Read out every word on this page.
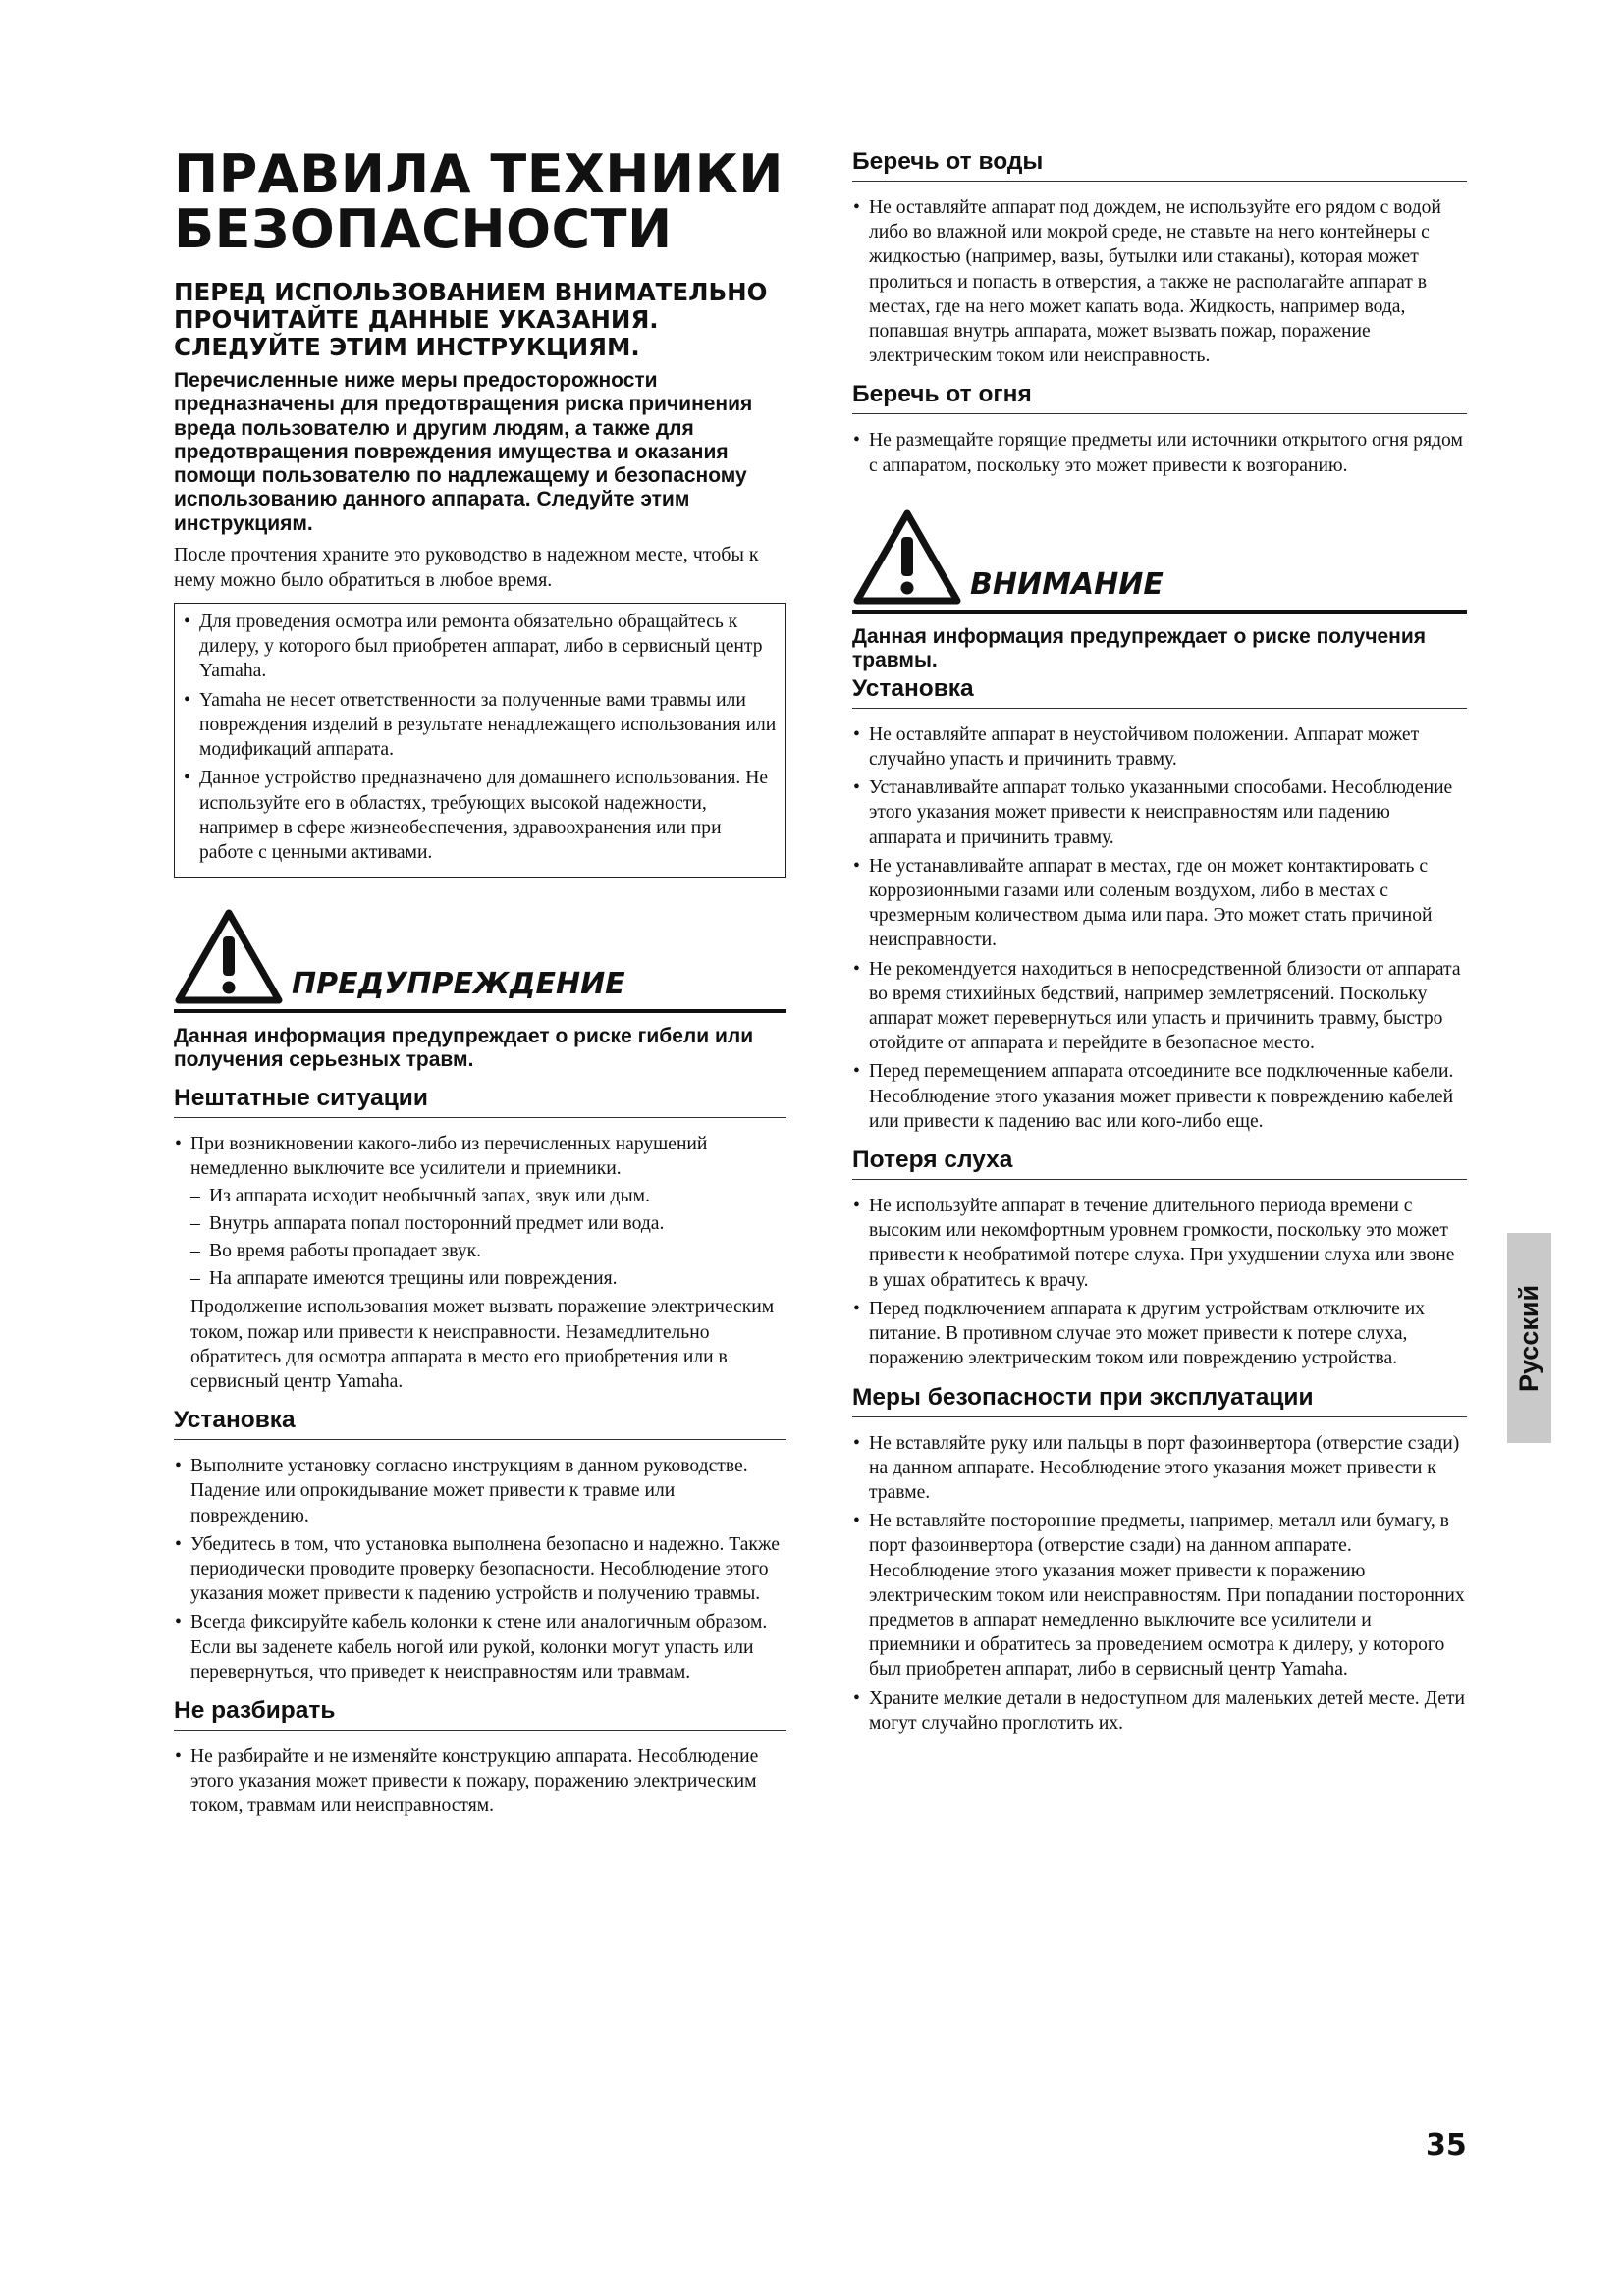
ПРАВИЛА ТЕХНИКИ
БЕЗОПАСНОСТИ
ПЕРЕД ИСПОЛЬЗОВАНИЕМ ВНИМАТЕЛЬНО
ПРОЧИТАЙТЕ ДАННЫЕ УКАЗАНИЯ.
СЛЕДУЙТЕ ЭТИМ ИНСТРУКЦИЯМ.

Перечисленные ниже меры предосторожности предназначены для предотвращения риска причинения вреда пользователю и другим людям, а также для предотвращения повреждения имущества и оказания помощи пользователю по надлежащему и безопасному использованию данного аппарата. Следуйте этим инструкциям.

После прочтения храните это руководство в надежном месте, чтобы к нему можно было обратиться в любое время.

• Для проведения осмотра или ремонта обязательно обращайтесь к дилеру, у которого был приобретен аппарат, либо в сервисный центр Yamaha.
• Yamaha не несет ответственности за полученные вами травмы или повреждения изделий в результате ненадлежащего использования или модификаций аппарата.
• Данное устройство предназначено для домашнего использования. Не используйте его в областях, требующих высокой надежности, например в сфере жизнеобеспечения, здравоохранения или при работе с ценными активами.
ПРЕДУПРЕЖДЕНИЕ

Данная информация предупреждает о риске гибели или получения серьезных травм.

Нештатные ситуации
• При возникновении какого-либо из перечисленных нарушений немедленно выключите все усилители и приемники.
– Из аппарата исходит необычный запах, звук или дым.
– Внутрь аппарата попал посторонний предмет или вода.
– Во время работы пропадает звук.
– На аппарате имеются трещины или повреждения.

Продолжение использования может вызвать поражение электрическим током, пожар или привести к неисправности. Незамедлительно обратитесь для осмотра аппарата в место его приобретения или в сервисный центр Yamaha.

Установка
• Выполните установку согласно инструкциям в данном руководстве. Падение или опрокидывание может привести к травме или повреждению.
• Убедитесь в том, что установка выполнена безопасно и надежно. Также периодически проводите проверку безопасности. Несоблюдение этого указания может привести к падению устройств и получению травмы.
• Всегда фиксируйте кабель колонки к стене или аналогичным образом. Если вы заденете кабель ногой или рукой, колонки могут упасть или перевернуться, что приведет к неисправностям или травмам.
Не разбирать
• Не разбирайте и не изменяйте конструкцию аппарата. Несоблюдение этого указания может привести к пожару, поражению электрическим током, травмам или неисправностям.
Беречь от воды
• Не оставляйте аппарат под дождем, не используйте его рядом с водой либо во влажной или мокрой среде, не ставьте на него контейнеры с жидкостью (например, вазы, бутылки или стаканы), которая может пролиться и попасть в отверстия, а также не располагайте аппарат в местах, где на него может капать вода. Жидкость, например вода, попавшая внутрь аппарата, может вызвать пожар, поражение электрическим током или неисправность.
Беречь от огня
• Не размещайте горящие предметы или источники открытого огня рядом с аппаратом, поскольку это может привести к возгоранию.
ВНИМАНИЕ

Данная информация предупреждает о риске получения травмы.

Установка
• Не оставляйте аппарат в неустойчивом положении. Аппарат может случайно упасть и причинить травму.
• Устанавливайте аппарат только указанными способами. Несоблюдение этого указания может привести к неисправностям или падению аппарата и причинить травму.
• Не устанавливайте аппарат в местах, где он может контактировать с коррозионными газами или соленым воздухом, либо в местах с чрезмерным количеством дыма или пара. Это может стать причиной неисправности.
• Не рекомендуется находиться в непосредственной близости от аппарата во время стихийных бедствий, например землетрясений. Поскольку аппарат может перевернуться или упасть и причинить травму, быстро отойдите от аппарата и перейдите в безопасное место.
• Перед перемещением аппарата отсоедините все подключенные кабели. Несоблюдение этого указания может привести к повреждению кабелей или привести к падению вас или кого-либо еще.
Потеря слуха
• Не используйте аппарат в течение длительного периода времени с высоким или некомфортным уровнем громкости, поскольку это может привести к необратимой потере слуха. При ухудшении слуха или звоне в ушах обратитесь к врачу.
• Перед подключением аппарата к другим устройствам отключите их питание. В противном случае это может привести к потере слуха, поражению электрическим током или повреждению устройства.
Меры безопасности при эксплуатации
• Не вставляйте руку или пальцы в порт фазоинвертора (отверстие сзади) на данном аппарате. Несоблюдение этого указания может привести к травме.
• Не вставляйте посторонние предметы, например, металл или бумагу, в порт фазоинвертора (отверстие сзади) на данном аппарате. Несоблюдение этого указания может привести к поражению электрическим током или неисправностям. При попадании посторонних предметов в аппарат немедленно выключите все усилители и приемники и обратитесь за проведением осмотра к дилеру, у которого был приобретен аппарат, либо в сервисный центр Yamaha.
• Храните мелкие детали в недоступном для маленьких детей месте. Дети могут случайно проглотить их.
Русский
35
